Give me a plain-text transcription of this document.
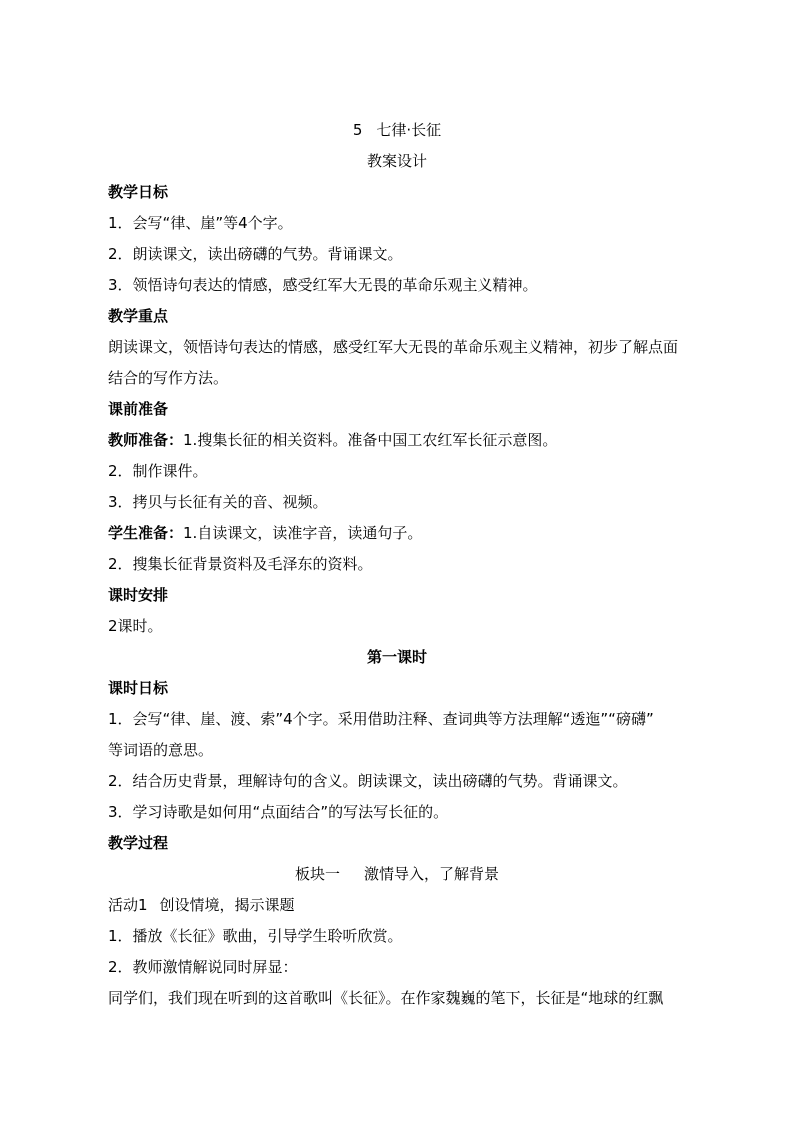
5 七律·长征
教案设计
教学日标
1．会写“律、崖”等4个字。
2．朗读课文，读出磅礴的气势。背诵课文。
3．领悟诗句表达的情感，感受红军大无畏的革命乐观主义精神。
教学重点
朗读课文，领悟诗句表达的情感，感受红军大无畏的革命乐观主义精神，初步了解点面
结合的写作方法。
课前准备
教师准备：1.搜集长征的相关资料。准备中国工农红军长征示意图。
2．制作课件。
3．拷贝与长征有关的音、视频。
学生准备：1.自读课文，读准字音，读通句子。
2．搜集长征背景资料及毛泽东的资料。
课时安排
2课时。
第一课时
课时日标
1．会写“律、崖、渡、索”4个字。采用借助注释、查词典等方法理解“透迤”“磅礴”
等词语的意思。
2．结合历史背景，理解诗句的含义。朗读课文，读出磅礴的气势。背诵课文。
3．学习诗歌是如何用“点面结合”的写法写长征的。
教学过程
板块一 激情导入，了解背景
活动1 创设情境，揭示课题
1．播放《长征》歌曲，引导学生聆听欣赏。
2．教师激情解说同时屏显：
同学们，我们现在听到的这首歌叫《长征》。在作家魏巍的笔下，长征是“地球的红飘
